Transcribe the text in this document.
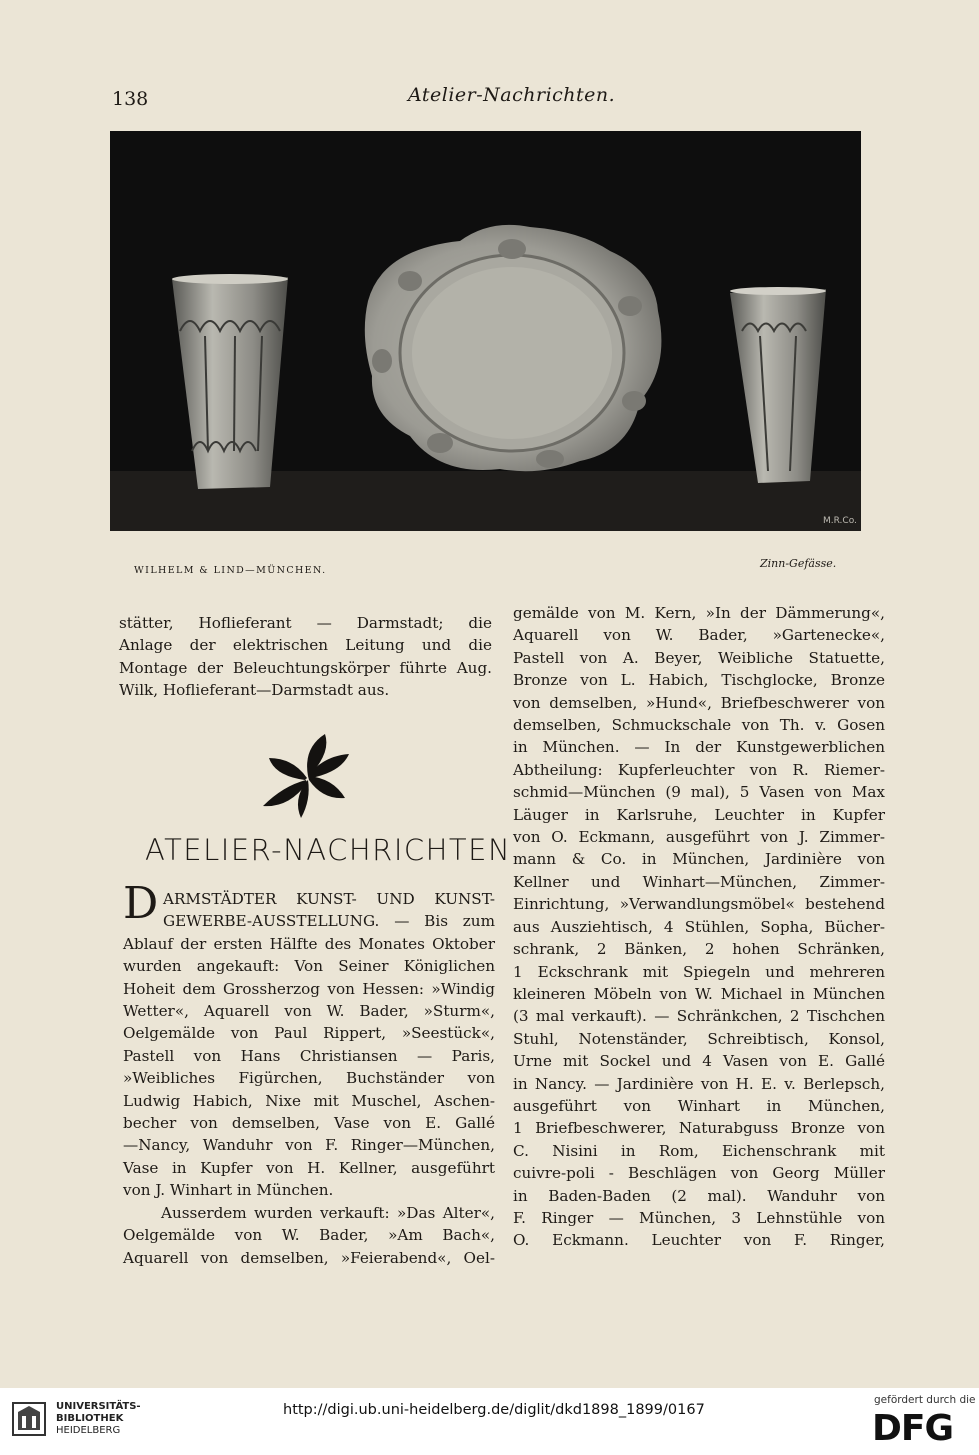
138	Atelier-Nachrichten.
M.R.Co.
WILHELM & LIND—MÜNCHEN.
Zinn-Gefässe.
stätter, Hoflieferant — Darmstadt; die
Anlage der elektrischen Leitung und die
Montage der Beleuchtungskörper führte Aug.
Wilk, Hoflieferant—Darmstadt aus.
ATELIER-NACHRICHTEN.
D ARMSTÄDTER KUNST- UND KUNST-
GEWERBE-AUSSTELLUNG. — Bis zum
Ablauf der ersten Hälfte des Monates Oktober
wurden angekauft: Von Seiner Königlichen
Hoheit dem Grossherzog von Hessen: »Windig
Wetter«, Aquarell von W. Bader, »Sturm«,
Oelgemälde von Paul Rippert, »Seestück«,
Pastell von Hans Christiansen — Paris,
»Weibliches Figürchen, Buchständer von
Ludwig Habich, Nixe mit Muschel, Aschen-
becher von demselben, Vase von E. Gallé
—Nancy, Wanduhr von F. Ringer—München,
Vase in Kupfer von H. Kellner, ausgeführt
von J. Winhart in München.
Ausserdem wurden verkauft: »Das Alter«,
Oelgemälde von W. Bader, »Am Bach«,
Aquarell von demselben, »Feierabend«, Oel-
gemälde von M. Kern, »In der Dämmerung«,
Aquarell von W. Bader, »Gartenecke«,
Pastell von A. Beyer, Weibliche Statuette,
Bronze von L. Habich, Tischglocke, Bronze
von demselben, »Hund«, Briefbeschwerer von
demselben, Schmuckschale von Th. v. Gosen
in München. — In der Kunstgewerblichen
Abtheilung: Kupferleuchter von R. Riemer-
schmid—München (9 mal), 5 Vasen von Max
Läuger in Karlsruhe, Leuchter in Kupfer
von O. Eckmann, ausgeführt von J. Zimmer-
mann & Co. in München, Jardinière von
Kellner und Winhart—München, Zimmer-
Einrichtung, »Verwandlungsmöbel« bestehend
aus Ausziehtisch, 4 Stühlen, Sopha, Bücher-
schrank, 2 Bänken, 2 hohen Schränken,
1 Eckschrank mit Spiegeln und mehreren
kleineren Möbeln von W. Michael in München
(3 mal verkauft). — Schränkchen, 2 Tischchen
Stuhl, Notenständer, Schreibtisch, Konsol,
Urne mit Sockel und 4 Vasen von E. Gallé
in Nancy. — Jardinière von H. E. v. Berlepsch,
ausgeführt von Winhart in München,
1 Briefbeschwerer, Naturabguss Bronze von
C. Nisini in Rom, Eichenschrank mit
cuivre-poli - Beschlägen von Georg Müller
in Baden-Baden (2 mal). Wanduhr von
F. Ringer — München, 3 Lehnstühle von
O. Eckmann. Leuchter von F. Ringer,
UNIVERSITÄTS-
BIBLIOTHEK
HEIDELBERG
http://digi.ub.uni-heidelberg.de/diglit/dkd1898_1899/0167
gefördert durch die
DFG
